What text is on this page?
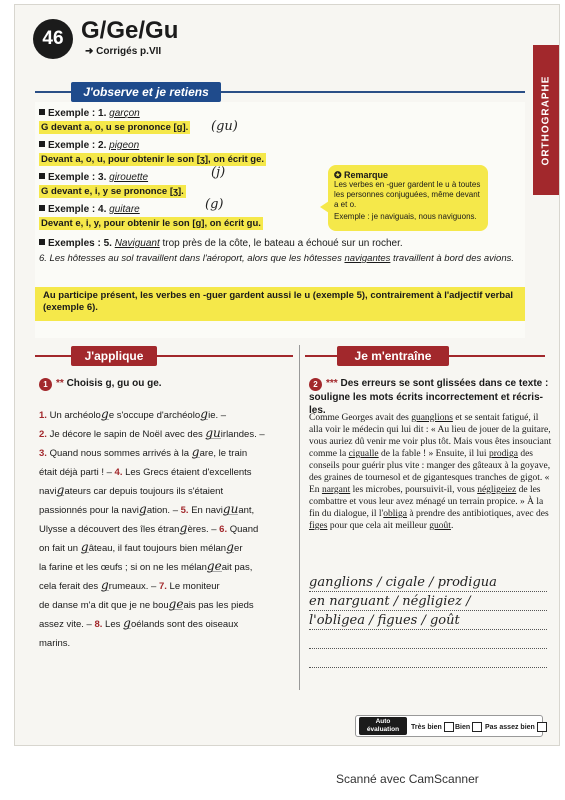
46 G/Ge/Gu
➜ Corrigés p.VII
ORTHOGRAPHE
J'observe et je retiens
Exemple : 1. garçon
G devant a, o, u se prononce [g]. (gu)
Exemple : 2. pigeon
Devant a, o, u, pour obtenir le son [ʒ], on écrit ge.
Exemple : 3. girouette
G devant e, i, y se prononce [ʒ].
(j)
Exemple : 4. guitare
Devant e, i, y, pour obtenir le son [g], on écrit gu.
(g)
✪ Remarque
Les verbes en -guer gardent le u à toutes les personnes conjuguées, même devant a et o.
Exemple : je naviguais, nous naviguons.
Exemples : 5. Naviguant trop près de la côte, le bateau a échoué sur un rocher.
6. Les hôtesses au sol travaillent dans l'aéroport, alors que les hôtesses navigantes travaillent à bord des avions.
Au participe présent, les verbes en -guer gardent aussi le u (exemple 5), contrairement à l'adjectif verbal (exemple 6).
J'applique
1 ** Choisis g, gu ou ge.
1. Un archéologe s'occupe d'archéologie. –
2. Je décore le sapin de Noël avec des guirlandes. –
3. Quand nous sommes arrivés à la gare, le train
était déjà parti ! – 4. Les Grecs étaient d'excellents
navigateurs car depuis toujours ils s'étaient
passionnés pour la navigation. – 5. En naviguant,
Ulysse a découvert des îles étrangères. – 6. Quand
on fait un gâteau, il faut toujours bien mélanger
la farine et les œufs ; si on ne les mélangeait pas,
cela ferait des grumeaux. – 7. Le moniteur
de danse m'a dit que je ne bougeais pas les pieds
assez vite. – 8. Les goélands sont des oiseaux
marins.
Je m'entraîne
2 *** Des erreurs se sont glissées dans ce texte : souligne les mots écrits incorrectement et récris-les.
Comme Georges avait des guanglions et se sentait fatigué, il alla voir le médecin qui lui dit : « Au lieu de jouer de la guitare, vous auriez dû venir me voir plus tôt. Mais vous êtes insouciant comme la cigualle de la fable ! » Ensuite, il lui prodiga des conseils pour guérir plus vite : manger des gâteaux à la goyave, des graines de tournesol et de gigantesques tranches de gigot. « En nargant les microbes, poursuivit-il, vous négligeiez de les combattre et vous leur avez ménagé un terrain propice. » À la fin du dialogue, il l'obliga à prendre des antibiotiques, avec des figes pour que cela ait meilleur guoût.
ganglions / cigale / prodigua
en narguant / négligiez /
l'obligea / figues / goût
Auto évaluation	Très bien Bien Pas assez bien
Scanné avec CamScanner
